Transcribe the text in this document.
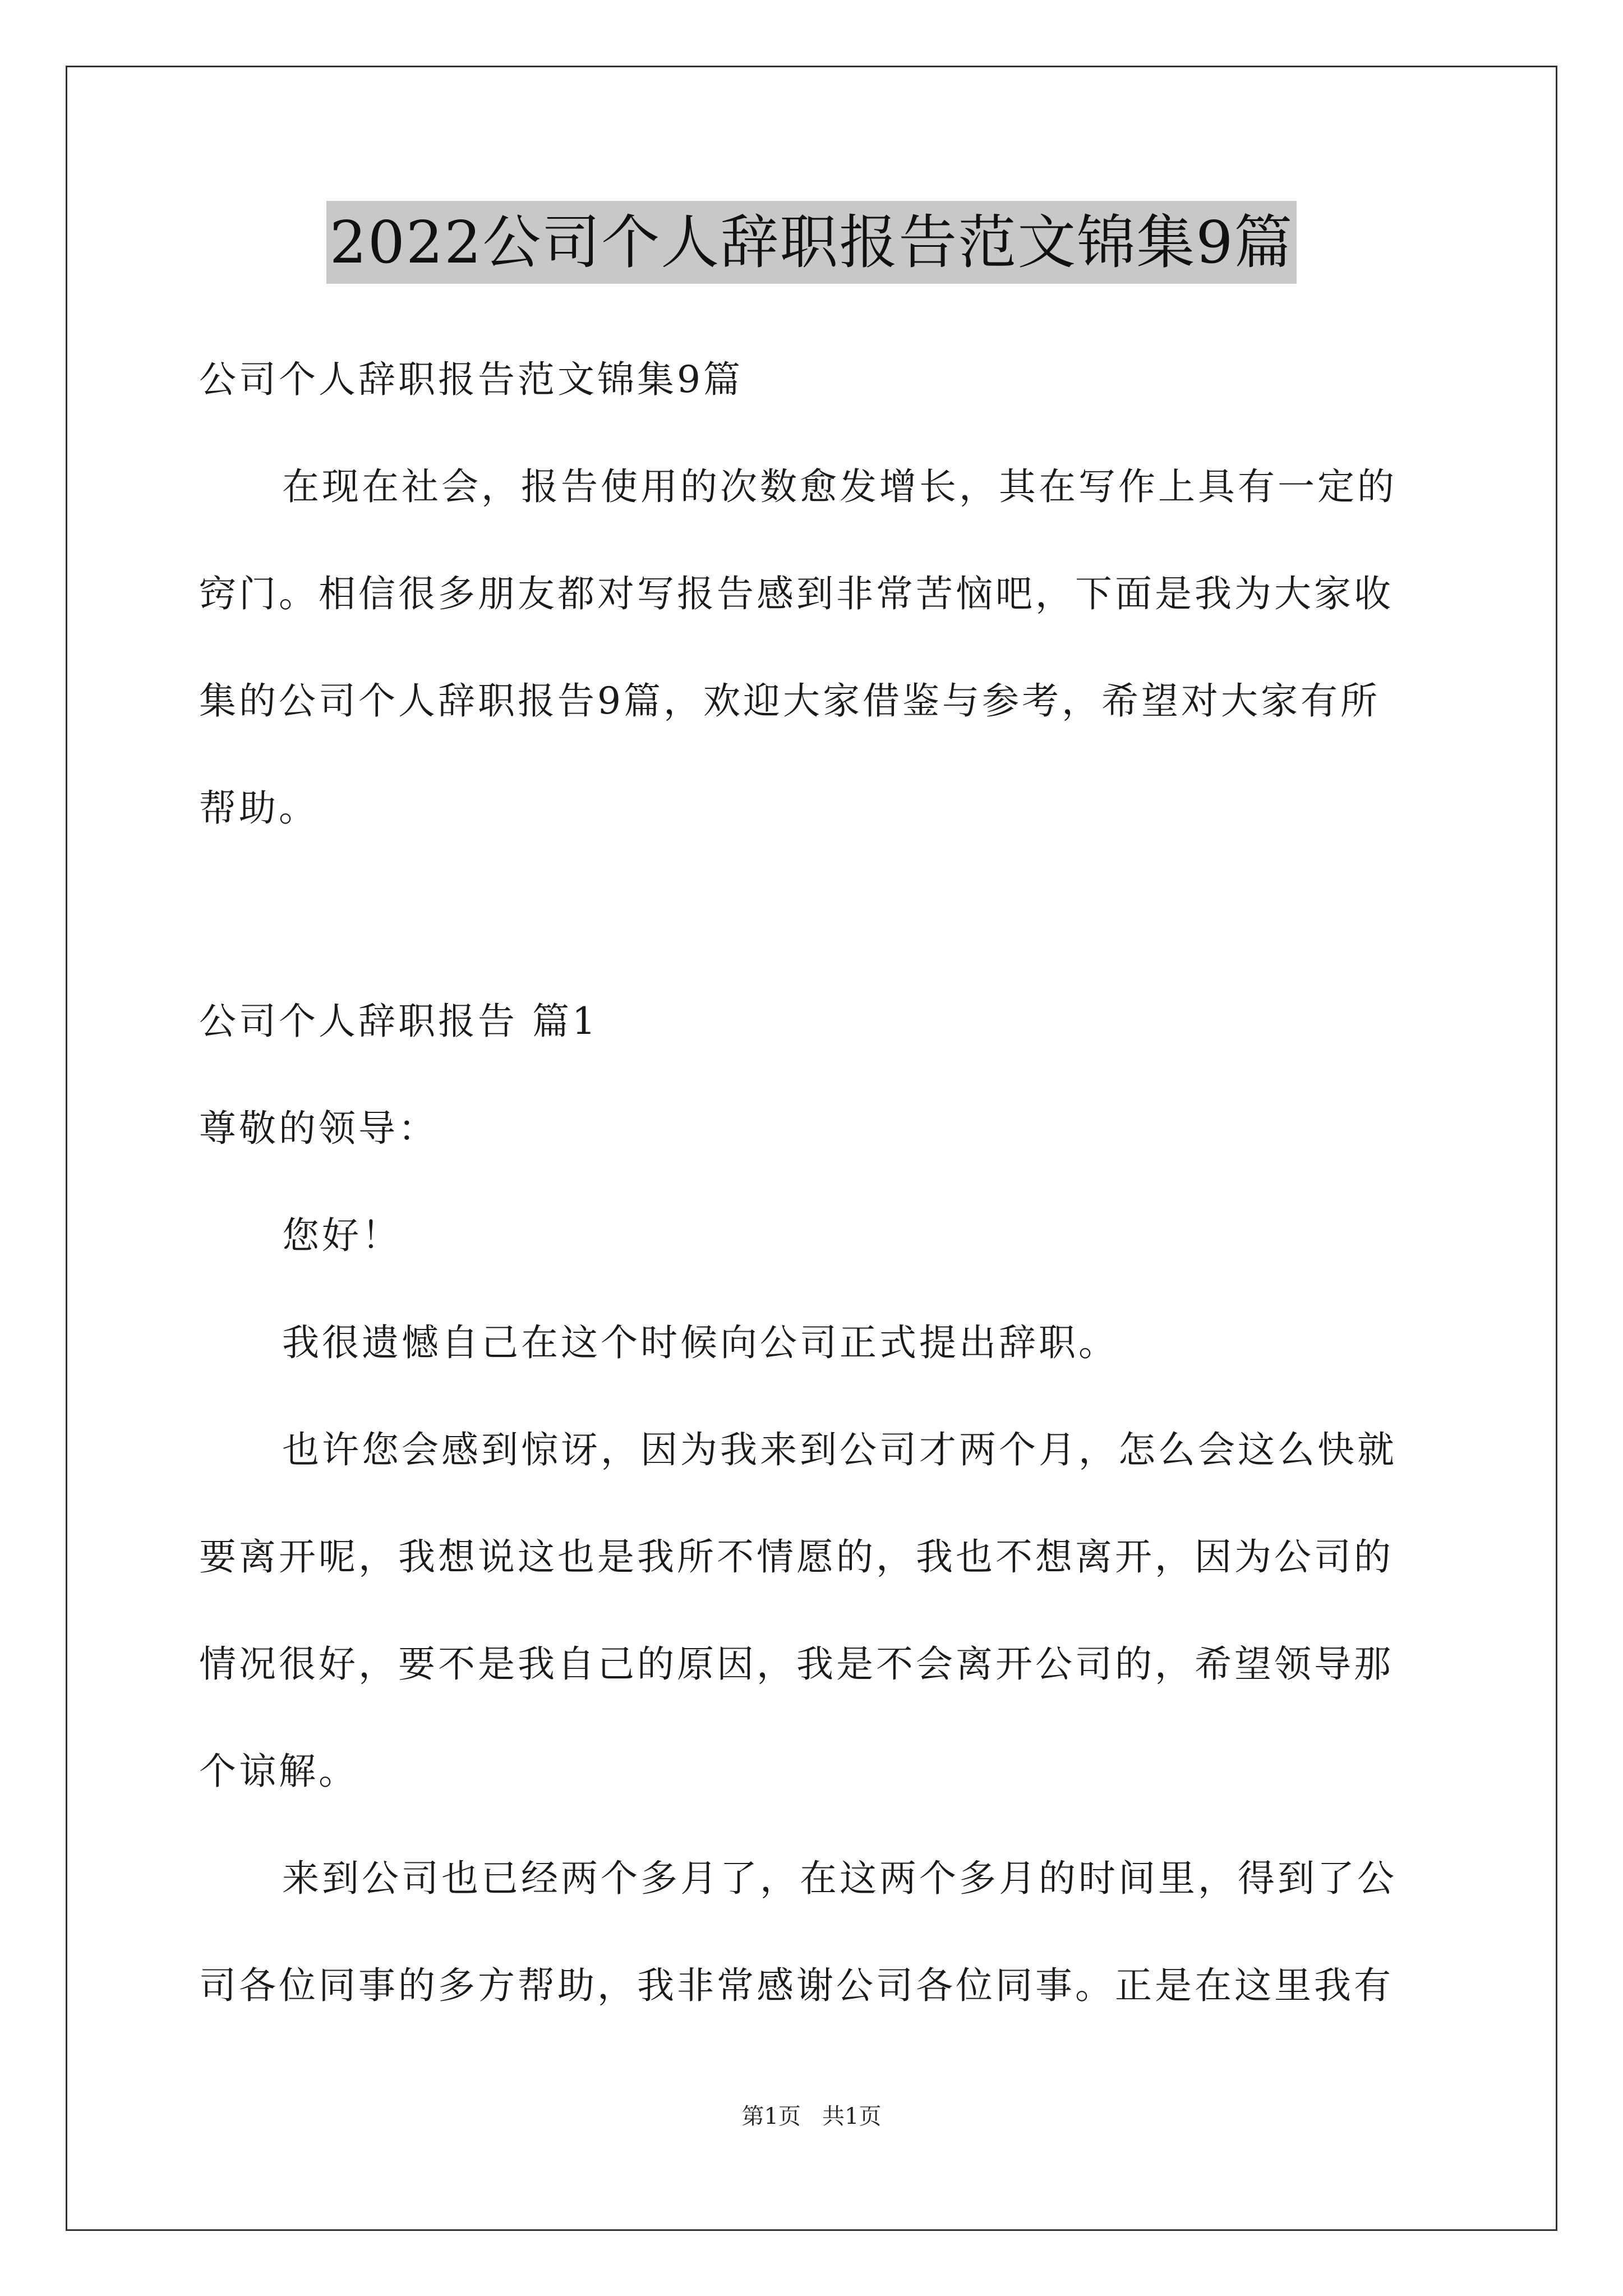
2022公司个人辞职报告范文锦集9篇
公司个人辞职报告范文锦集9篇
在现在社会，报告使用的次数愈发增长，其在写作上具有一定的
窍门。相信很多朋友都对写报告感到非常苦恼吧，下面是我为大家收
集的公司个人辞职报告9篇，欢迎大家借鉴与参考，希望对大家有所
帮助。
公司个人辞职报告 篇1
尊敬的领导：
您好！
我很遗憾自己在这个时候向公司正式提出辞职。
也许您会感到惊讶，因为我来到公司才两个月，怎么会这么快就
要离开呢，我想说这也是我所不情愿的，我也不想离开，因为公司的
情况很好，要不是我自己的原因，我是不会离开公司的，希望领导那
个谅解。
来到公司也已经两个多月了，在这两个多月的时间里，得到了公
司各位同事的多方帮助，我非常感谢公司各位同事。正是在这里我有
第1页   共1页
